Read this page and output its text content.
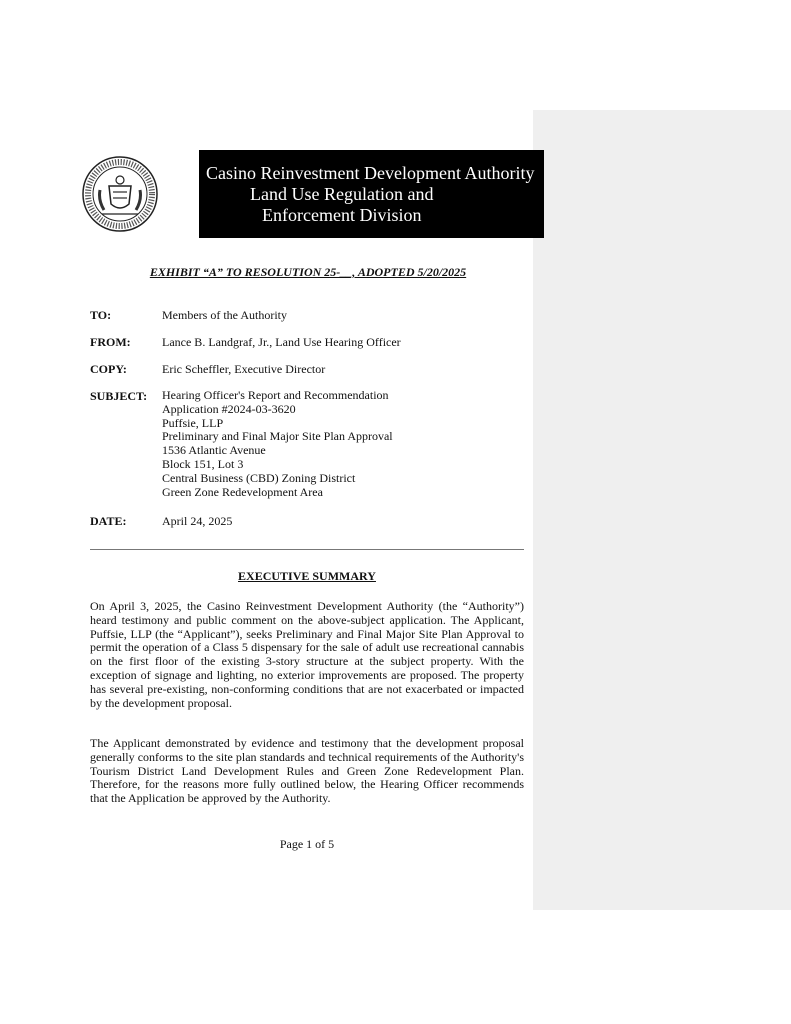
Casino Reinvestment Development Authority
Land Use Regulation and
Enforcement Division
EXHIBIT “A” TO RESOLUTION 25-__, ADOPTED 5/20/2025
TO:	Members of the Authority
FROM:	Lance B. Landgraf, Jr., Land Use Hearing Officer
COPY:	Eric Scheffler, Executive Director
SUBJECT: Hearing Officer's Report and Recommendation
Application #2024-03-3620
Puffsie, LLP
Preliminary and Final Major Site Plan Approval
1536 Atlantic Avenue
Block 151, Lot 3
Central Business (CBD) Zoning District
Green Zone Redevelopment Area
DATE:	April 24, 2025
EXECUTIVE SUMMARY

On April 3, 2025, the Casino Reinvestment Development Authority (the “Authority”) heard testimony and public comment on the above-subject application. The Applicant, Puffsie, LLP (the “Applicant”), seeks Preliminary and Final Major Site Plan Approval to permit the operation of a Class 5 dispensary for the sale of adult use recreational cannabis on the first floor of the existing 3-story structure at the subject property. With the exception of signage and lighting, no exterior improvements are proposed. The property has several pre-existing, non-conforming conditions that are not exacerbated or impacted by the development proposal.

The Applicant demonstrated by evidence and testimony that the development proposal generally conforms to the site plan standards and technical requirements of the Authority's Tourism District Land Development Rules and Green Zone Redevelopment Plan. Therefore, for the reasons more fully outlined below, the Hearing Officer recommends that the Application be approved by the Authority.

Page 1 of 5
